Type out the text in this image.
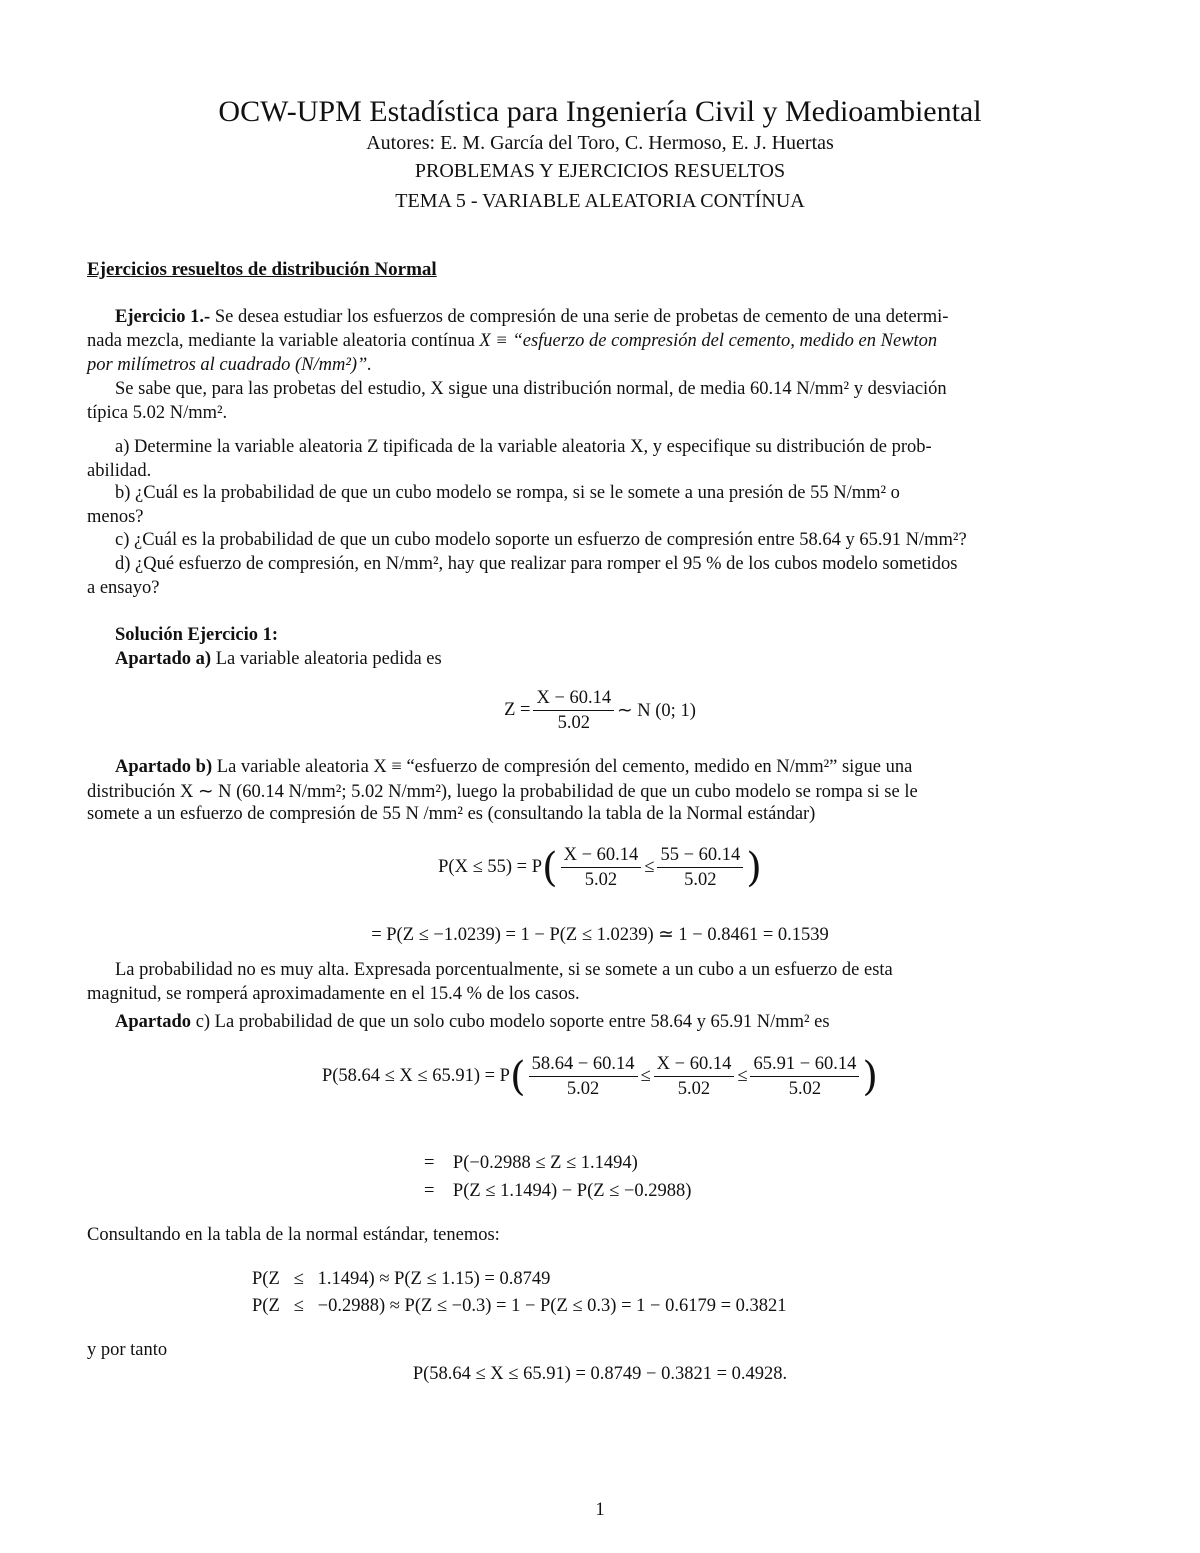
OCW-UPM Estadística para Ingeniería Civil y Medioambiental
Autores: E. M. García del Toro, C. Hermoso, E. J. Huertas
PROBLEMAS Y EJERCICIOS RESUELTOS
TEMA 5 - VARIABLE ALEATORIA CONTÍNUA
Ejercicios resueltos de distribución Normal
Ejercicio 1.- Se desea estudiar los esfuerzos de compresión de una serie de probetas de cemento de una determi-
nada mezcla, mediante la variable aleatoria contínua X ≡ “esfuerzo de compresión del cemento, medido en Newton
por milímetros al cuadrado (N/mm²)”.
Se sabe que, para las probetas del estudio, X sigue una distribución normal, de media 60.14 N/mm² y desviación
típica 5.02 N/mm².
a) Determine la variable aleatoria Z tipificada de la variable aleatoria X, y especifique su distribución de prob-
abilidad.
b) ¿Cuál es la probabilidad de que un cubo modelo se rompa, si se le somete a una presión de 55 N/mm² o
menos?
c) ¿Cuál es la probabilidad de que un cubo modelo soporte un esfuerzo de compresión entre 58.64 y 65.91 N/mm²?
d) ¿Qué esfuerzo de compresión, en N/mm², hay que realizar para romper el 95 % de los cubos modelo sometidos
a ensayo?
Solución Ejercicio 1:
Apartado a) La variable aleatoria pedida es
$Z = \frac{X - 60.14}{5.02}$ ∼ N (0; 1)
Apartado b) La variable aleatoria X ≡ “esfuerzo de compresión del cemento, medido en N/mm²” sigue una
distribución X ∼ N (60.14 N/mm²; 5.02 N/mm²), luego la probabilidad de que un cubo modelo se rompa si se le
somete a un esfuerzo de compresión de 55 N /mm² es (consultando la tabla de la Normal estándar)
P(X ≤ 55) = P ( $\frac{X - 60.14}{5.02} \le \frac{55 - 60.14}{5.02}$ )
= P(Z ≤ −1.0239) = 1 − P(Z ≤ 1.0239) ≃ 1 − 0.8461 = 0.1539
La probabilidad no es muy alta. Expresada porcentualmente, si se somete a un cubo a un esfuerzo de esta
magnitud, se romperá aproximadamente en el 15.4 % de los casos.
Apartado c) La probabilidad de que un solo cubo modelo soporte entre 58.64 y 65.91 N/mm² es
P(58.64 ≤ X ≤ 65.91) = P ( $\frac{58.64 - 60.14}{5.02} \le \frac{X - 60.14}{5.02} \le \frac{65.91 - 60.14}{5.02}$ )
=    P(−0.2988 ≤ Z ≤ 1.1494)
=    P(Z ≤ 1.1494) − P(Z ≤ −0.2988)
Consultando en la tabla de la normal estándar, tenemos:
P(Z   ≤   1.1494) ≈ P(Z ≤ 1.15) = 0.8749
P(Z   ≤   −0.2988) ≈ P(Z ≤ −0.3) = 1 − P(Z ≤ 0.3) = 1 − 0.6179 = 0.3821
y por tanto
P(58.64 ≤ X ≤ 65.91) = 0.8749 − 0.3821 = 0.4928.
1
